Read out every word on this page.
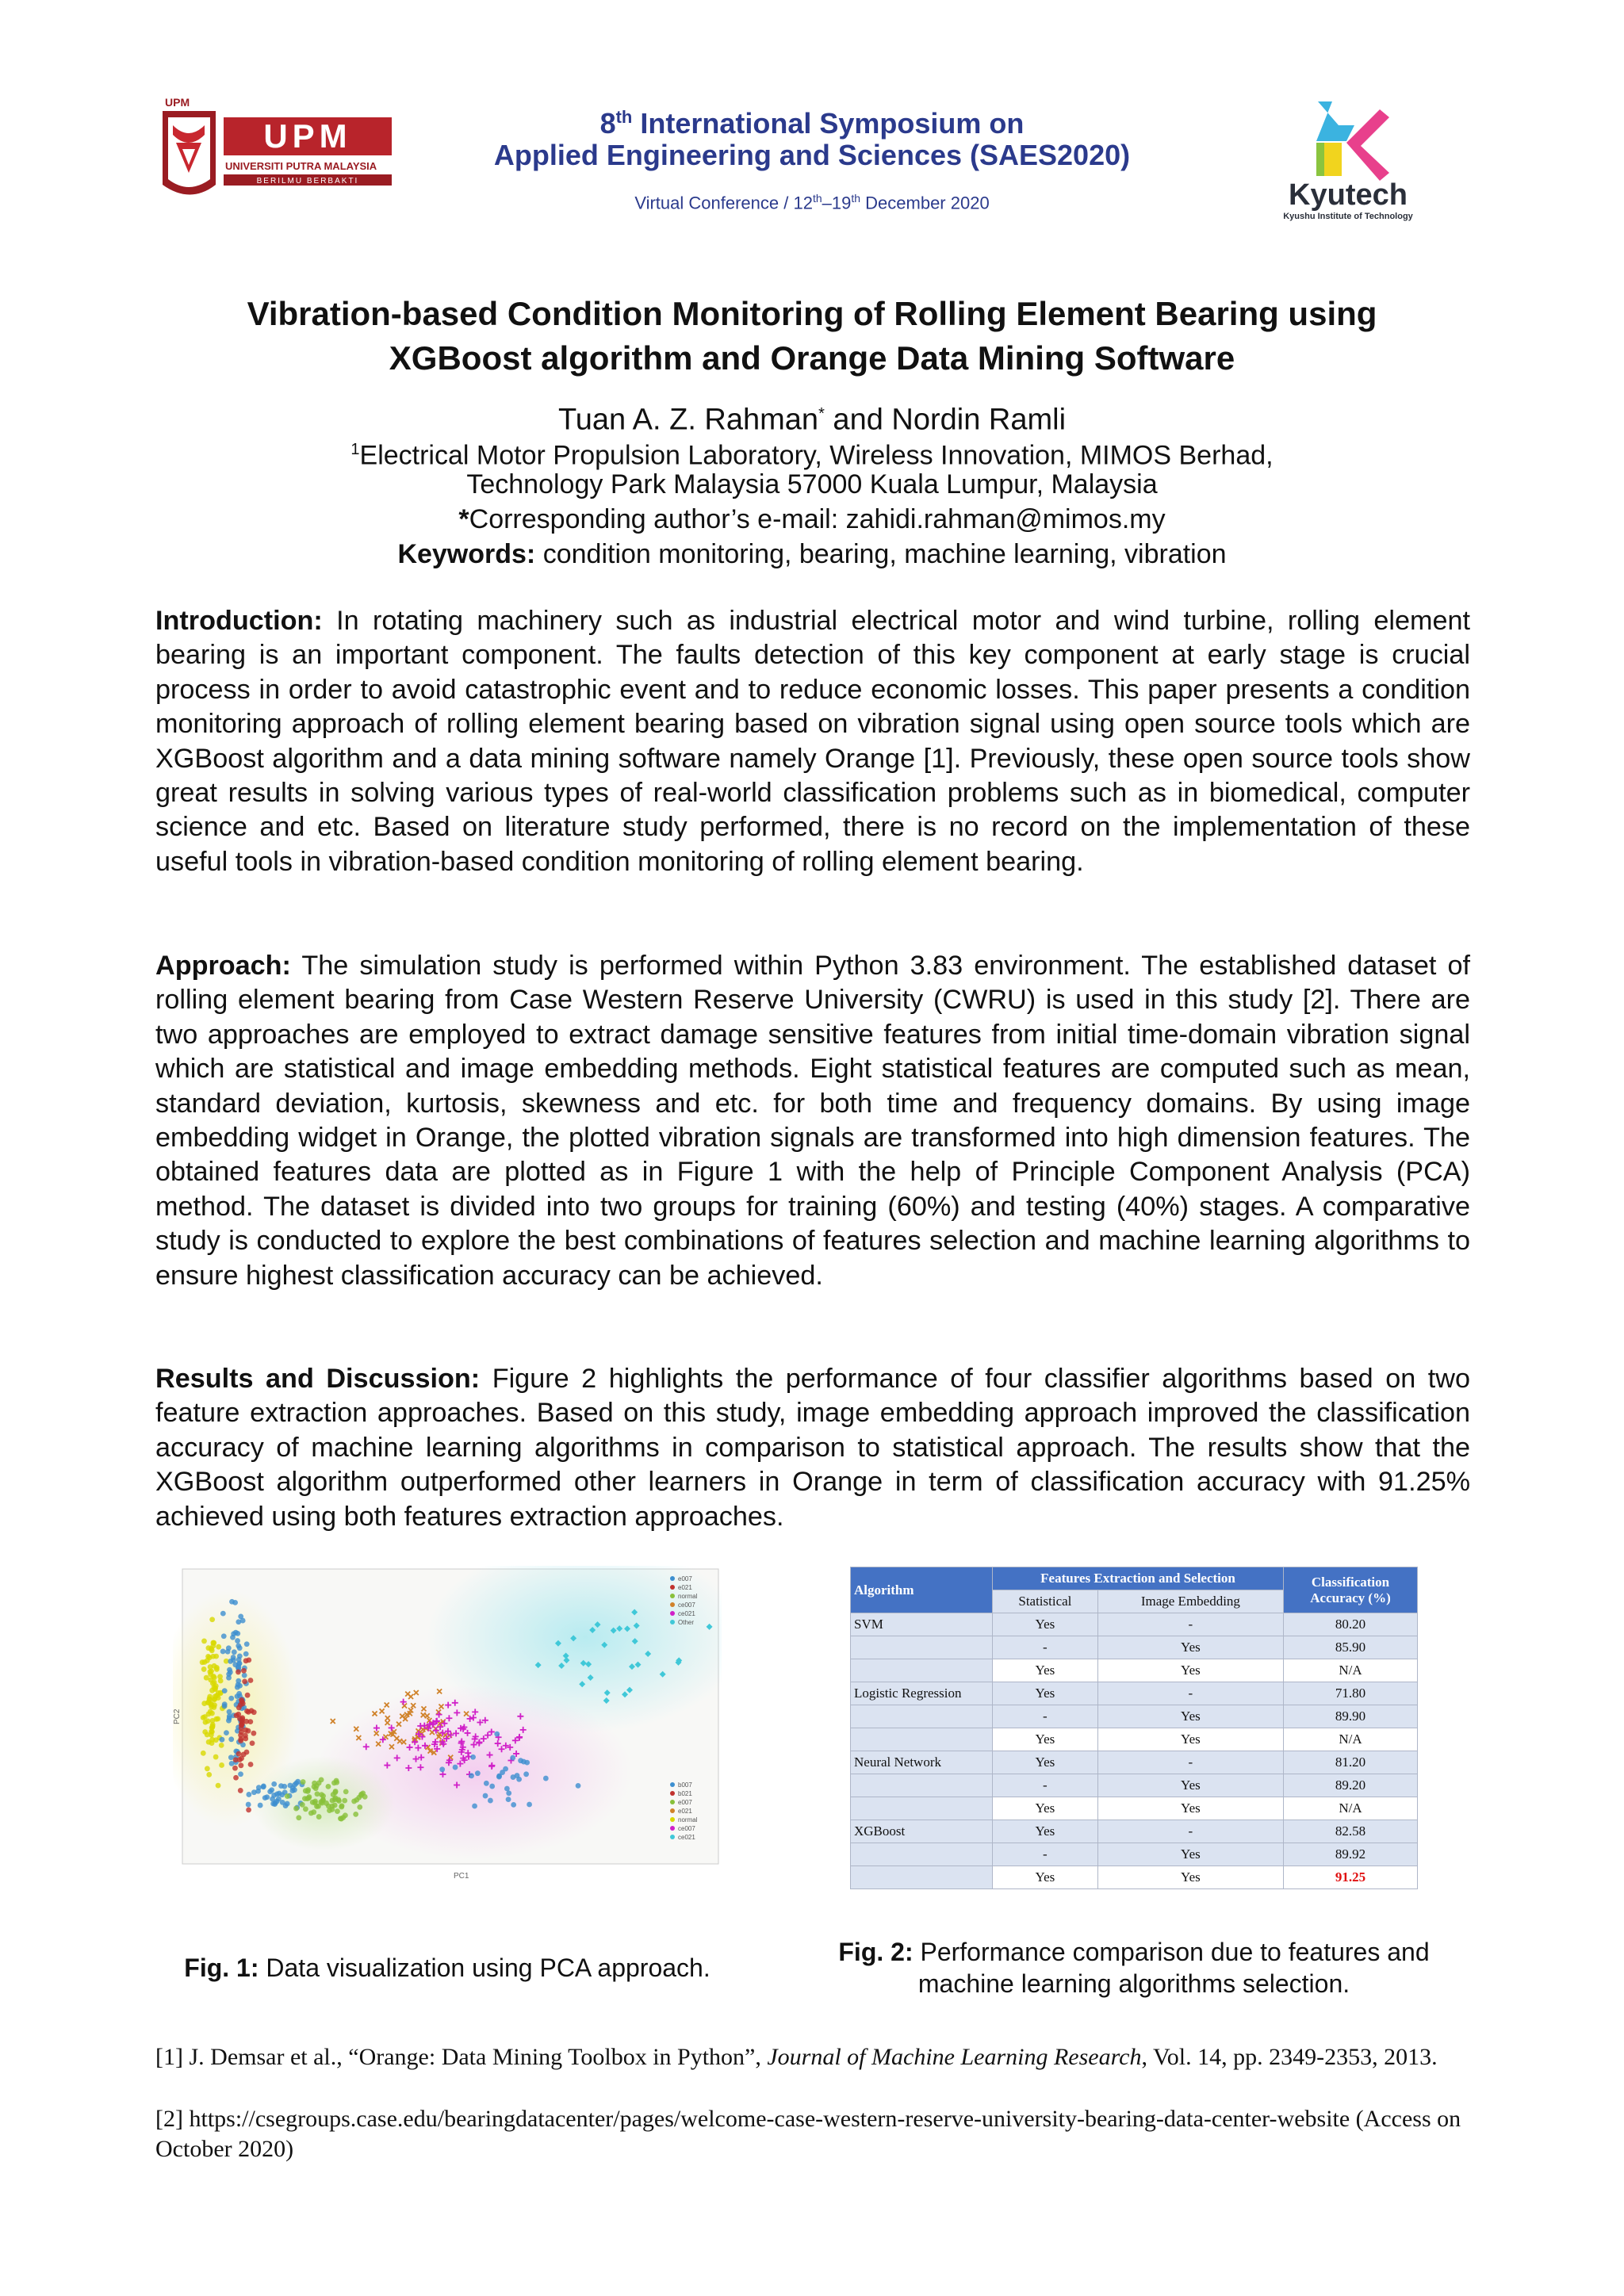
UPM
UPM
UNIVERSITI PUTRA MALAYSIA
BERILMU BERBAKTI
8th International Symposium on
Applied Engineering and Sciences (SAES2020)
Virtual Conference / 12th–19th December 2020	Kyutech
Kyushu Institute of Technology
Vibration-based Condition Monitoring of Rolling Element Bearing using
XGBoost algorithm and Orange Data Mining Software
Tuan A. Z. Rahman* and Nordin Ramli
$^1$Electrical Motor Propulsion Laboratory, Wireless Innovation, MIMOS Berhad,
Technology Park Malaysia 57000 Kuala Lumpur, Malaysia
*Corresponding author’s e-mail: zahidi.rahman@mimos.my
Keywords: condition monitoring, bearing, machine learning, vibration
Introduction: In rotating machinery such as industrial electrical motor and wind turbine, rolling element bearing is an important component. The faults detection of this key component at early stage is crucial process in order to avoid catastrophic event and to reduce economic losses. This paper presents a condition monitoring approach of rolling element bearing based on vibration signal using open source tools which are XGBoost algorithm and a data mining software namely Orange [1]. Previously, these open source tools show great results in solving various types of real-world classification problems such as in biomedical, computer science and etc. Based on literature study performed, there is no record on the implementation of these useful tools in vibration-based condition monitoring of rolling element bearing.
Approach: The simulation study is performed within Python 3.83 environment. The established dataset of rolling element bearing from Case Western Reserve University (CWRU) is used in this study [2]. There are two approaches are employed to extract damage sensitive features from initial time-domain vibration signal which are statistical and image embedding methods. Eight statistical features are computed such as mean, standard deviation, kurtosis, skewness and etc. for both time and frequency domains. By using image embedding widget in Orange, the plotted vibration signals are transformed into high dimension features. The obtained features data are plotted as in Figure 1 with the help of Principle Component Analysis (PCA) method. The dataset is divided into two groups for training (60%) and testing (40%) stages. A comparative study is conducted to explore the best combinations of features selection and machine learning algorithms to ensure highest classification accuracy can be achieved.
Results and Discussion: Figure 2 highlights the performance of four classifier algorithms based on two feature extraction approaches. Based on this study, image embedding approach improved the classification accuracy of machine learning algorithms in comparison to statistical approach. The results show that the XGBoost algorithm outperformed other learners in Orange in term of classification accuracy with 91.25% achieved using both features extraction approaches.
PC1
PC2
e007
e021
normal
ce007
ce021
Other
b007
b021
e007
e021
normal
ce007
ce021
Fig. 1: Data visualization using PCA approach.
Algorithm	Features Extraction and Selection		Classification Accuracy (%)
	Statistical	Image Embedding	
SVM	Yes	-	80.20
	-	Yes	85.90
	Yes	Yes	N/A
Logistic Regression	Yes	-	71.80
	-	Yes	89.90
	Yes	Yes	N/A
Neural Network	Yes	-	81.20
	-	Yes	89.20
	Yes	Yes	N/A
XGBoost	Yes	-	82.58
	-	Yes	89.92
	Yes	Yes	91.25
Fig. 2: Performance comparison due to features and machine learning algorithms selection.
[1] J. Demsar et al., “Orange: Data Mining Toolbox in Python”, Journal of Machine Learning Research, Vol. 14, pp. 2349-2353, 2013.
[2] https://csegroups.case.edu/bearingdatacenter/pages/welcome-case-western-reserve-university-bearing-data-center-website (Access on October 2020)
